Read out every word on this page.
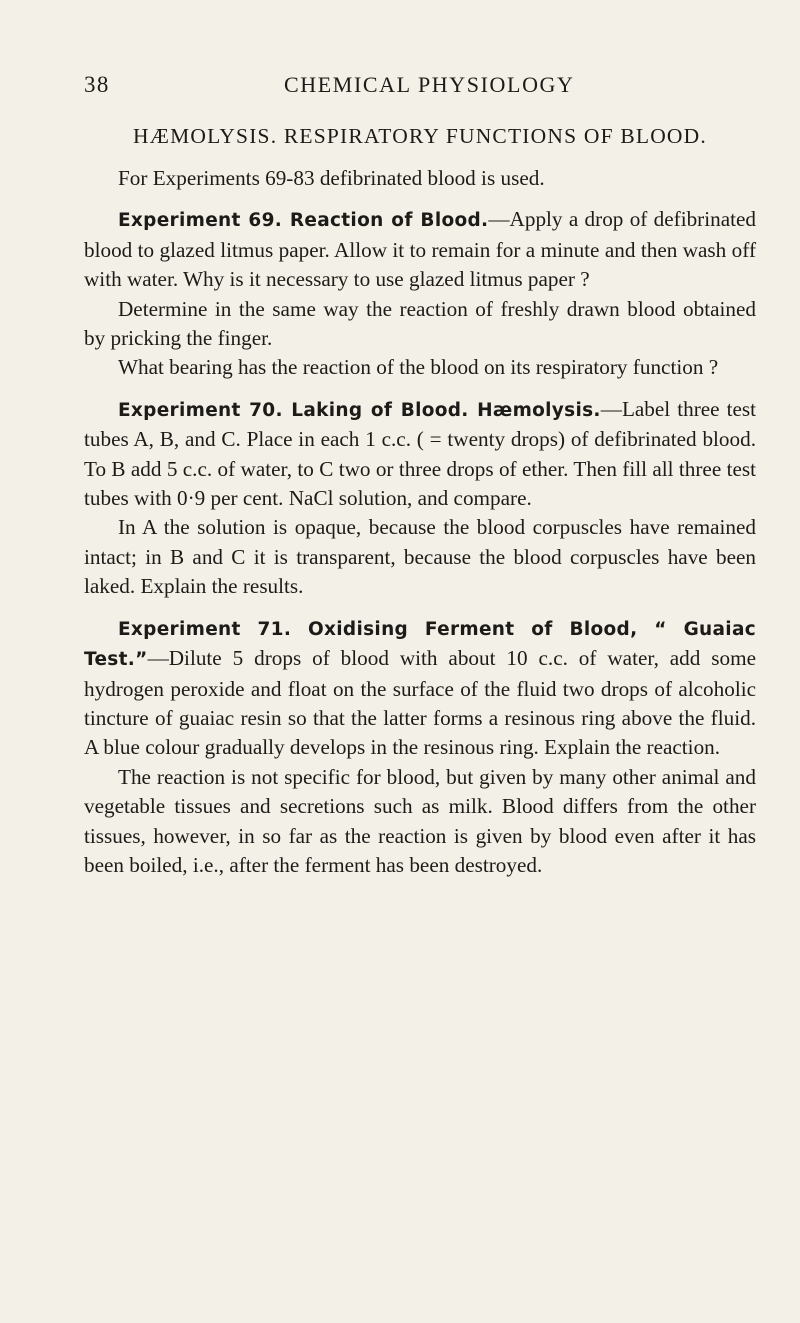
38	CHEMICAL PHYSIOLOGY
HÆMOLYSIS. RESPIRATORY FUNCTIONS OF BLOOD.

For Experiments 69-83 defibrinated blood is used.

Experiment 69. Reaction of Blood.—Apply a drop of defibrinated blood to glazed litmus paper. Allow it to remain for a minute and then wash off with water. Why is it necessary to use glazed litmus paper ?

Determine in the same way the reaction of freshly drawn blood obtained by pricking the finger.

What bearing has the reaction of the blood on its respiratory function ?

Experiment 70. Laking of Blood. Hæmolysis.—Label three test tubes A, B, and C. Place in each 1 c.c. ( = twenty drops) of defibrinated blood. To B add 5 c.c. of water, to C two or three drops of ether. Then fill all three test tubes with 0·9 per cent. NaCl solution, and compare.

In A the solution is opaque, because the blood corpuscles have remained intact; in B and C it is transparent, because the blood corpuscles have been laked. Explain the results.

Experiment 71. Oxidising Ferment of Blood, “ Guaiac Test.”—Dilute 5 drops of blood with about 10 c.c. of water, add some hydrogen peroxide and float on the surface of the fluid two drops of alcoholic tincture of guaiac resin so that the latter forms a resinous ring above the fluid. A blue colour gradually develops in the resinous ring. Explain the reaction.

The reaction is not specific for blood, but given by many other animal and vegetable tissues and secretions such as milk. Blood differs from the other tissues, however, in so far as the reaction is given by blood even after it has been boiled, i.e., after the ferment has been destroyed.
